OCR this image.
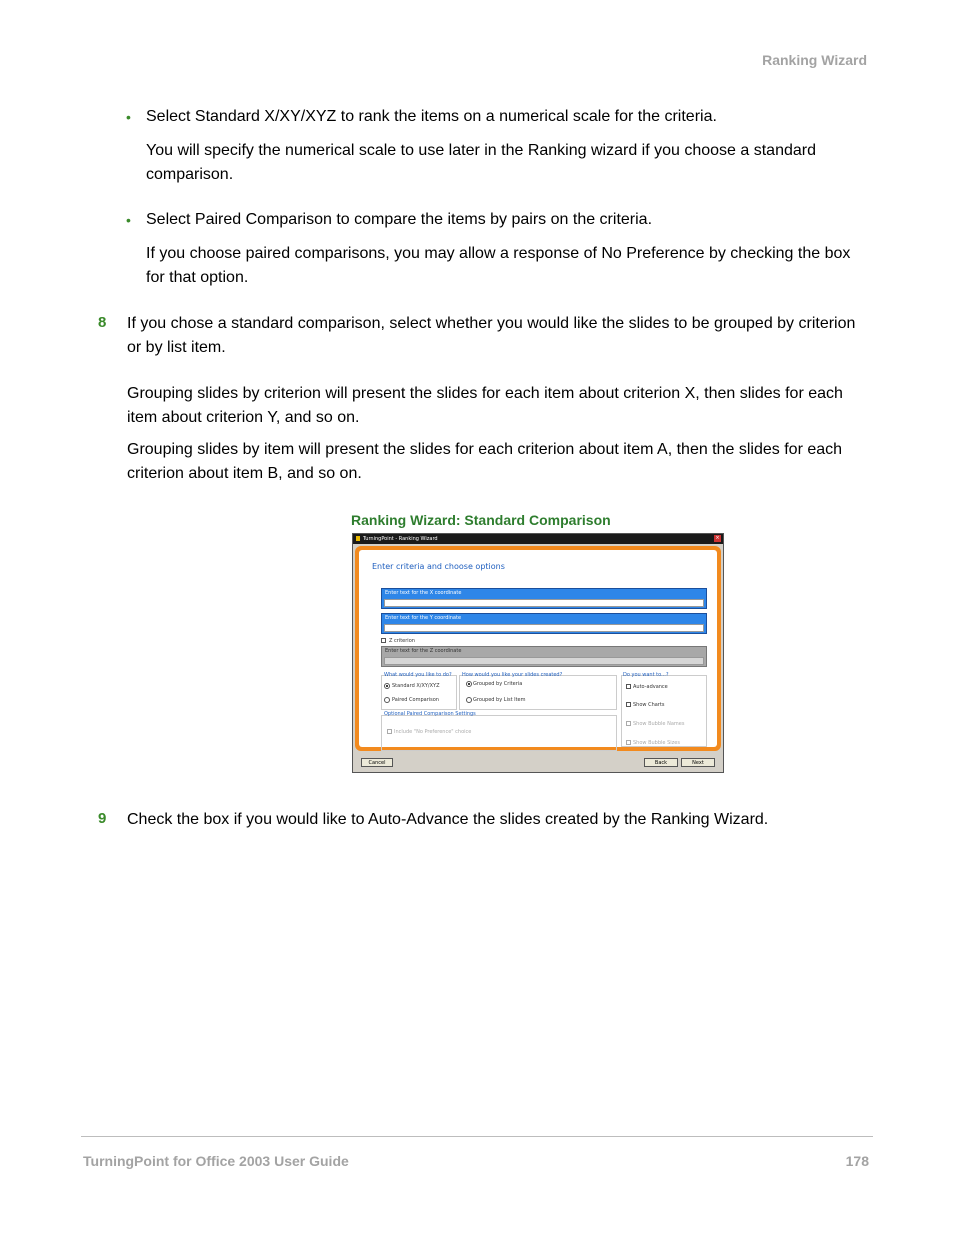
Ranking Wizard
• Select Standard X/XY/XYZ to rank the items on a numerical scale for the criteria.
You will specify the numerical scale to use later in the Ranking wizard if you choose a standard comparison.
• Select Paired Comparison to compare the items by pairs on the criteria.
If you choose paired comparisons, you may allow a response of No Preference by checking the box for that option.
8 If you chose a standard comparison, select whether you would like the slides to be grouped by criterion or by list item.
Grouping slides by criterion will present the slides for each item about criterion X, then slides for each item about criterion Y, and so on.
Grouping slides by item will present the slides for each criterion about item A, then the slides for each criterion about item B, and so on.
Ranking Wizard: Standard Comparison
TurningPoint - Ranking Wizard	×
Enter criteria and choose options
Enter text for the X coordinate
Enter text for the Y coordinate
Z criterion
Enter text for the Z coordinate
What would you like to do?
Standard X/XY/XYZ
Paired Comparison
How would you like your slides created?
Grouped by Criteria
Grouped by List Item
Do you want to...?
Auto-advance
Show Charts
Show Bubble Names
Show Bubble Sizes
Optional Paired Comparison Settings
Include "No Preference" choice
Cancel	Back	Next
9 Check the box if you would like to Auto-Advance the slides created by the Ranking Wizard.
TurningPoint for Office 2003 User Guide	178
